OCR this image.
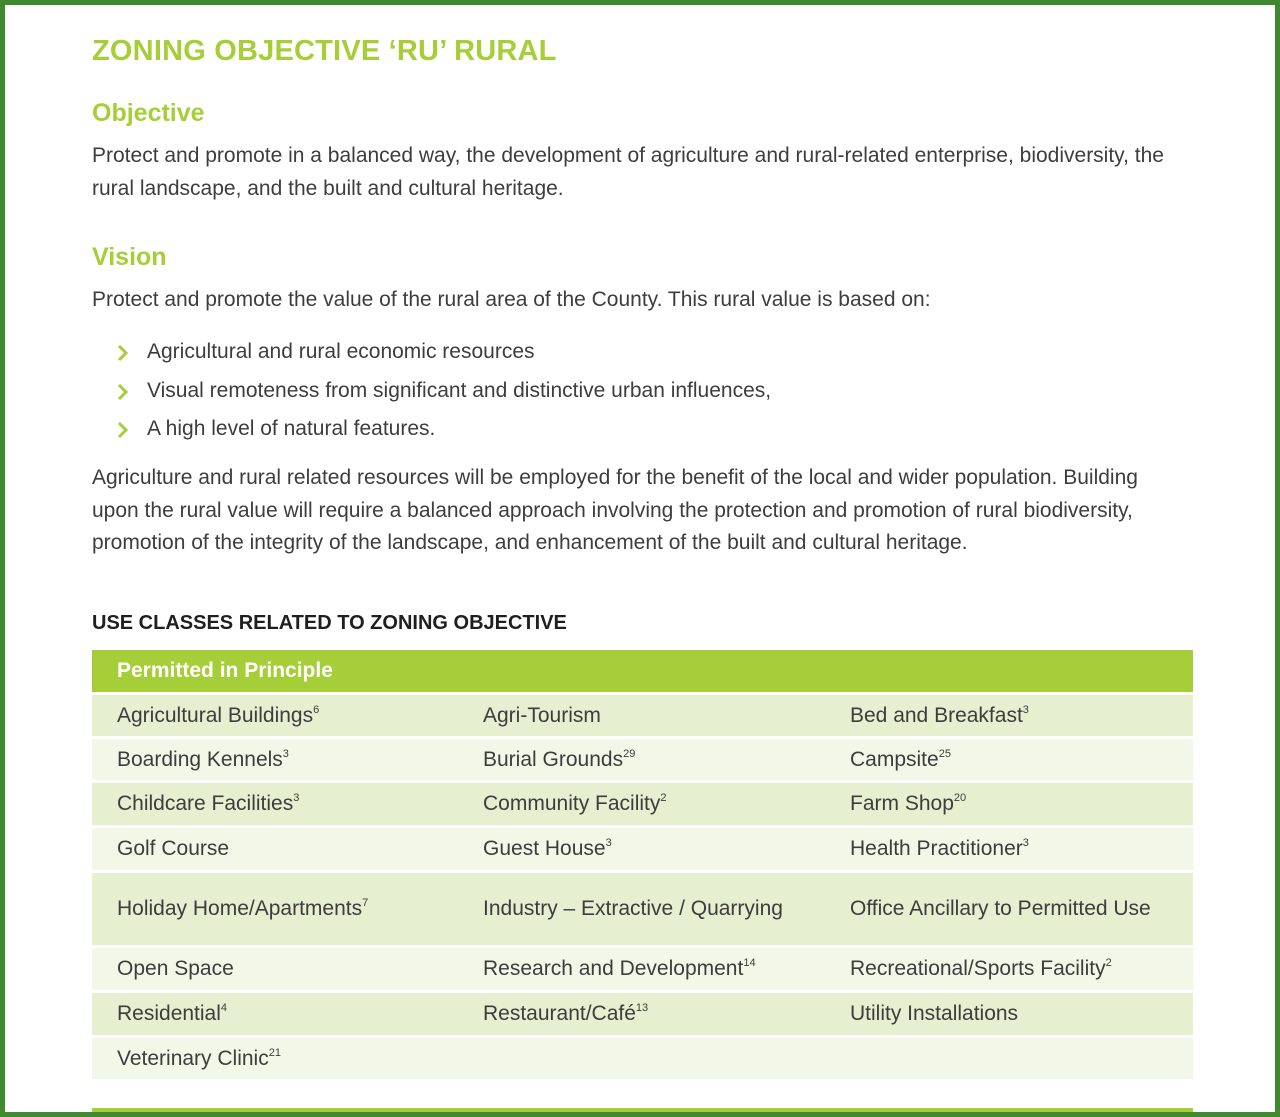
ZONING OBJECTIVE ‘RU’ RURAL
Objective
Protect and promote in a balanced way, the development of agriculture and rural-related enterprise, biodiversity, the rural landscape, and the built and cultural heritage.
Vision
Protect and promote the value of the rural area of the County. This rural value is based on:
Agricultural and rural economic resources
Visual remoteness from significant and distinctive urban influences,
A high level of natural features.
Agriculture and rural related resources will be employed for the benefit of the local and wider population. Building upon the rural value will require a balanced approach involving the protection and promotion of rural biodiversity, promotion of the integrity of the landscape, and enhancement of the built and cultural heritage.
USE CLASSES RELATED TO ZONING OBJECTIVE
Permitted in Principle		
Agricultural Buildings$^6$	Agri-Tourism	Bed and Breakfast$^3$
Boarding Kennels$^3$	Burial Grounds$^{29}$	Campsite$^{25}$
Childcare Facilities$^3$	Community Facility$^2$	Farm Shop$^{20}$
Golf Course	Guest House$^3$	Health Practitioner$^3$
Holiday Home/Apartments$^7$	Industry – Extractive / Quarrying	Office Ancillary to Permitted Use
Open Space	Research and Development$^{14}$	Recreational/Sports Facility$^2$
Residential$^4$	Restaurant/Café$^{13}$	Utility Installations
Veterinary Clinic$^{21}$		
